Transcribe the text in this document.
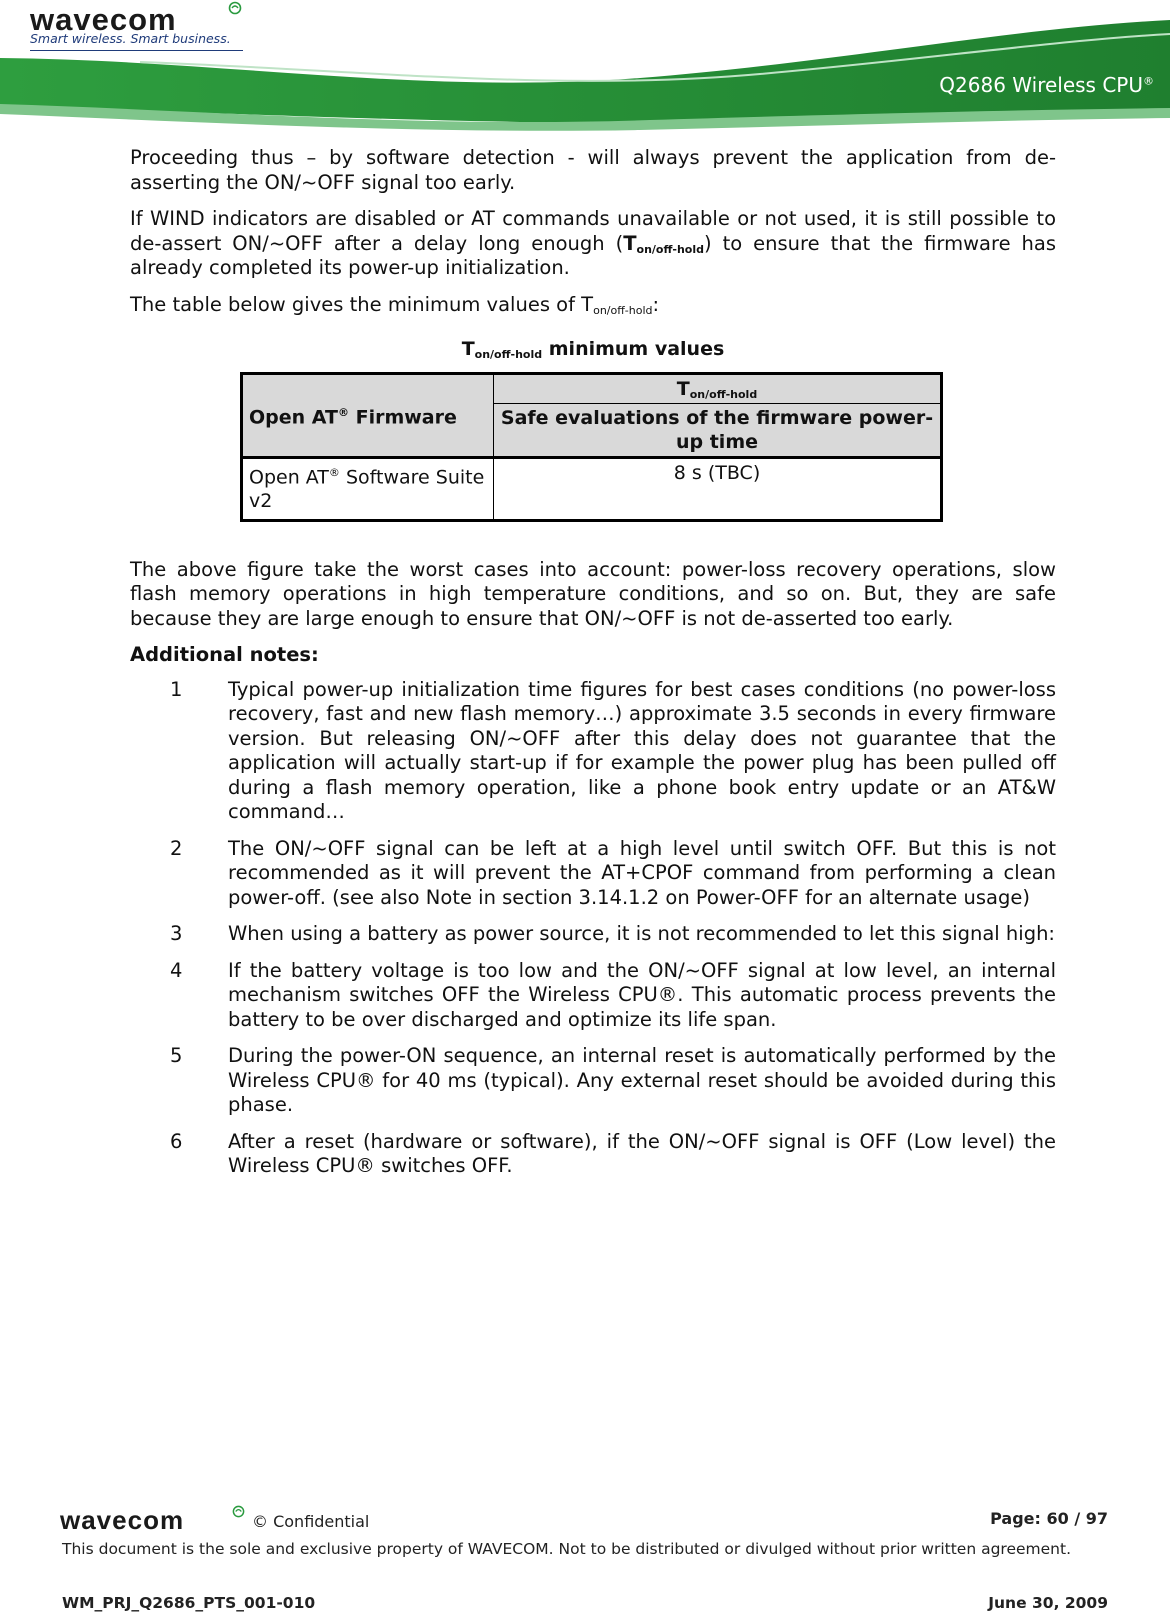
wavecom
Smart wireless. Smart business.
Q2686 Wireless CPU®

Proceeding thus – by software detection - will always prevent the application from de-asserting the ON/~OFF signal too early.

If WIND indicators are disabled or AT commands unavailable or not used, it is still possible to de-assert ON/~OFF after a delay long enough $(T_{on/off-hold})$ to ensure that the firmware has already completed its power-up initialization.

The table below gives the minimum values of $T_{on/off-hold}$:

$T_{on/off-hold}$ minimum values
Open AT® Firmware	$T_{on/off-hold}$
	Safe evaluations of the firmware power-up time
Open AT® Software Suite v2	8 s (TBC)

The above figure take the worst cases into account: power-loss recovery operations, slow flash memory operations in high temperature conditions, and so on. But, they are safe because they are large enough to ensure that ON/~OFF is not de-asserted too early.

Additional notes:
1	Typical power-up initialization time figures for best cases conditions (no power-loss recovery, fast and new flash memory…) approximate 3.5 seconds in every firmware version. But releasing ON/~OFF after this delay does not guarantee that the application will actually start-up if for example the power plug has been pulled off during a flash memory operation, like a phone book entry update or an AT&W command…
2	The ON/~OFF signal can be left at a high level until switch OFF. But this is not recommended as it will prevent the AT+CPOF command from performing a clean power-off. (see also Note in section 3.14.1.2 on Power-OFF for an alternate usage)
3	When using a battery as power source, it is not recommended to let this signal high:
4	If the battery voltage is too low and the ON/~OFF signal at low level, an internal mechanism switches OFF the Wireless CPU®. This automatic process prevents the battery to be over discharged and optimize its life span.
5	During the power-ON sequence, an internal reset is automatically performed by the Wireless CPU® for 40 ms (typical). Any external reset should be avoided during this phase.
6	After a reset (hardware or software), if the ON/~OFF signal is OFF (Low level) the Wireless CPU® switches OFF.
wavecom	© Confidential	Page: 60 / 97
This document is the sole and exclusive property of WAVECOM. Not to be distributed or divulged without prior written agreement.
WM_PRJ_Q2686_PTS_001-010	June 30, 2009
